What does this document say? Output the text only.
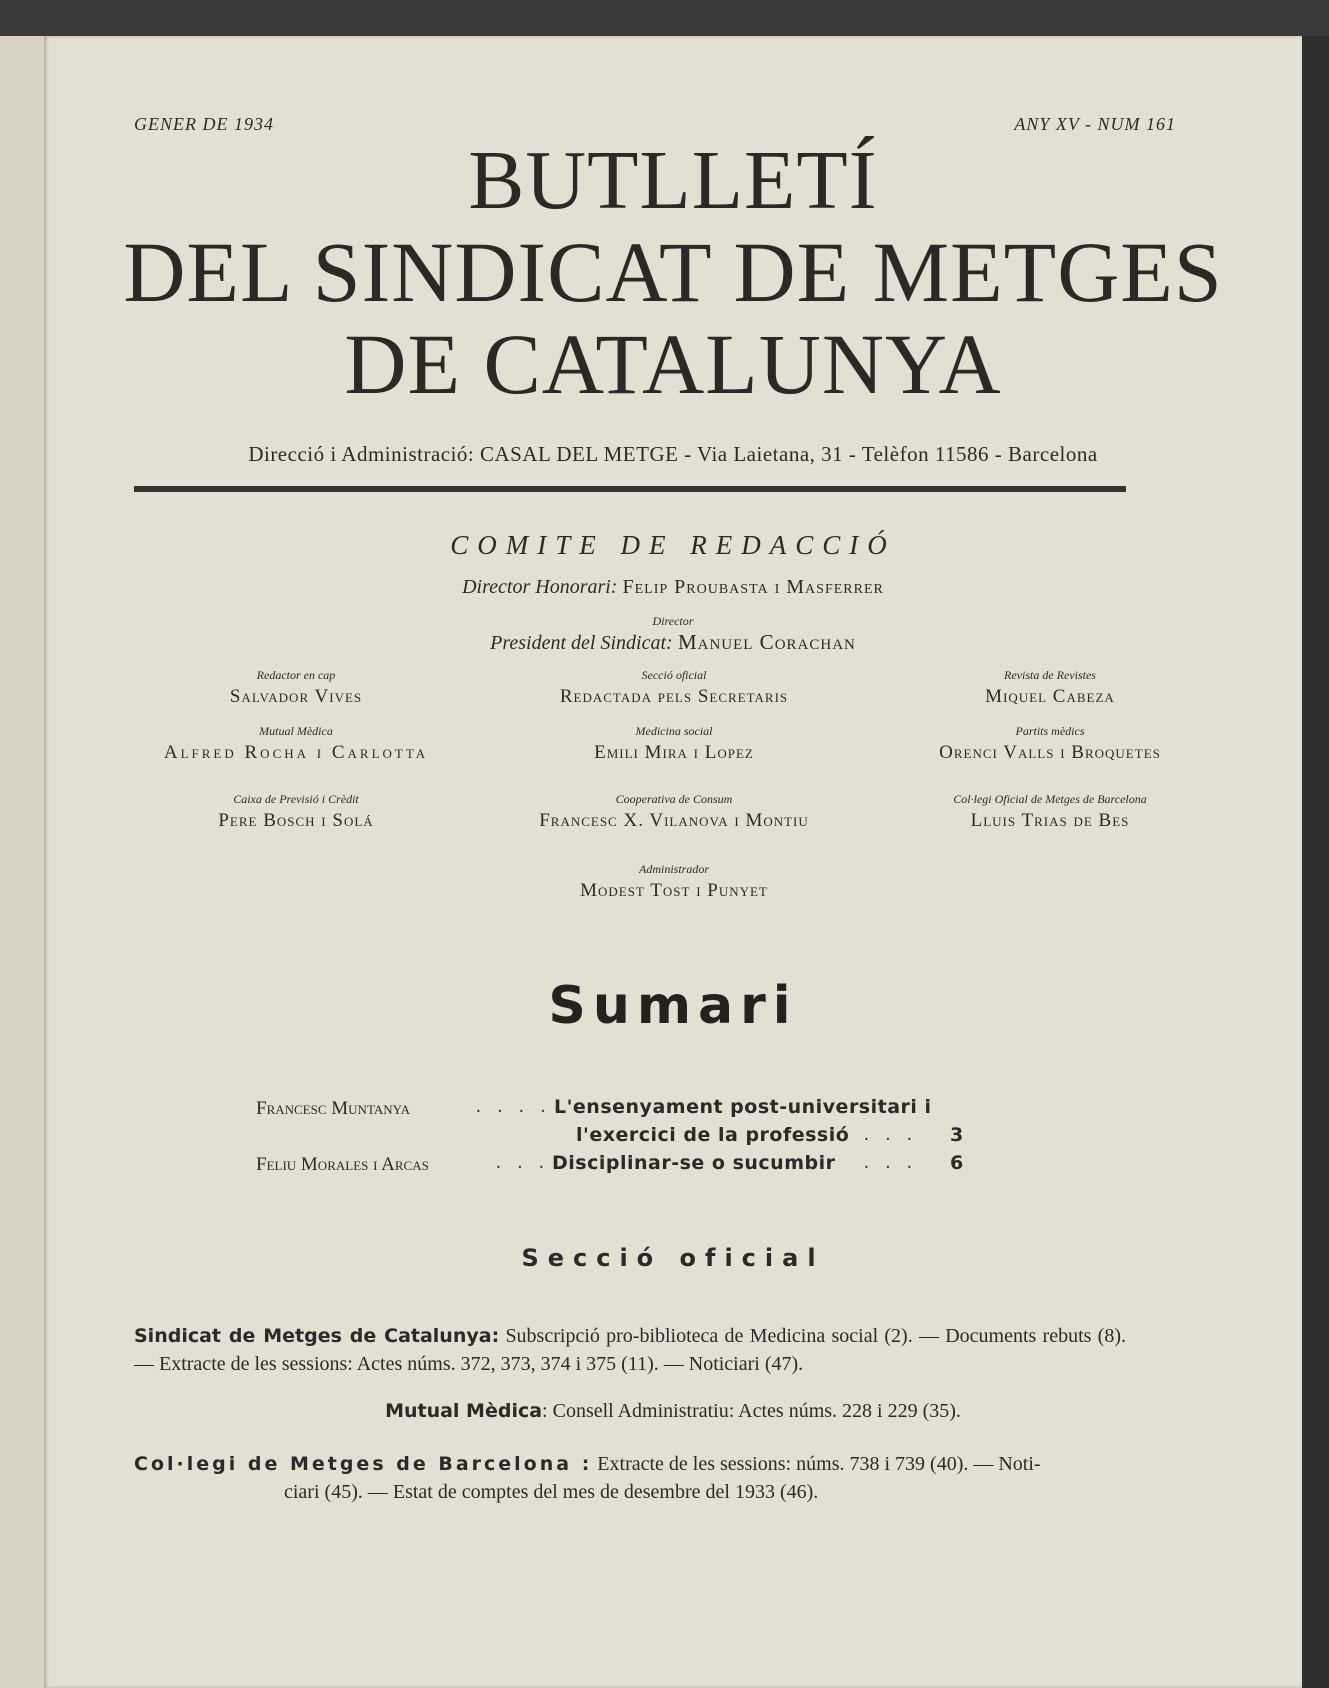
GENER DE 1934	ANY XV - NUM 161
BUTLLETÍ
DEL SINDICAT DE METGES
DE CATALUNYA
Direcció i Administració: CASAL DEL METGE - Via Laietana, 31 - Telèfon 11586 - Barcelona
COMITE DE REDACCIÓ
Director Honorari: Felip Proubasta i Masferrer
Director
President del Sindicat: Manuel Corachan
Redactor en cap
Salvador Vives
Secció oficial
Redactada pels Secretaris
Revista de Revistes
Miquel Cabeza
Mutual Mèdica
Alfred Rocha i Carlotta
Medicina social
Emili Mira i Lopez
Partits mèdics
Orenci Valls i Broquetes
Caixa de Previsió i Crèdit
Pere Bosch i Solá
Cooperativa de Consum
Francesc X. Vilanova i Montiu
Col·legi Oficial de Metges de Barcelona
Lluis Trias de Bes
Administrador
Modest Tost i Punyet
Sumari
Francesc Muntanya	. . . . L'ensenyament post-universitari i
l'exercici de la professió . . . 3
Feliu Morales i Arcas	. . . Disciplinar-se o sucumbir . . . 6
Secció oficial
Sindicat de Metges de Catalunya: Subscripció pro-biblioteca de Medicina social (2). — Documents rebuts (8). — Extracte de les sessions: Actes núms. 372, 373, 374 i 375 (11). — Noticiari (47).
Mutual Mèdica: Consell Administratiu: Actes núms. 228 i 229 (35).
Col·legi de Metges de Barcelona : Extracte de les sessions: núms. 738 i 739 (40). — Noti-
ciari (45). — Estat de comptes del mes de desembre del 1933 (46).
